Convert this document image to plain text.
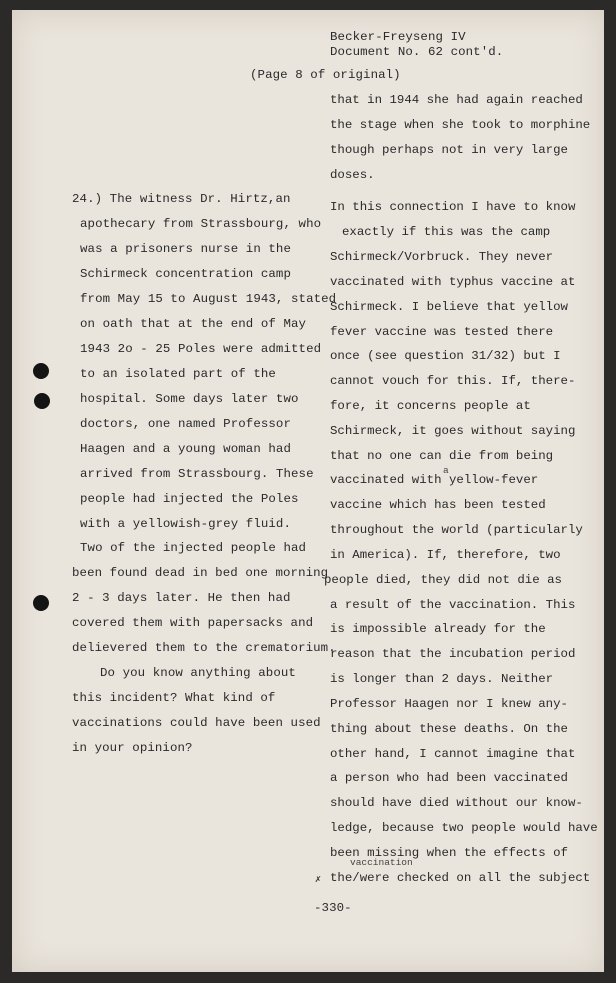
Becker-Freyseng IV
Document No. 62 cont'd.
(Page 8 of original)
24.) The witness Dr. Hirtz,an
apothecary from Strassbourg, who
was a prisoners nurse in the
Schirmeck concentration camp
from May 15 to August 1943, stated
on oath that at the end of May
1943 2o - 25 Poles were admitted
to an isolated part of the
hospital. Some days later two
doctors, one named Professor
Haagen and a young woman had
arrived from Strassbourg. These
people had injected the Poles
with a yellowish-grey fluid.
Two of the injected people had
been found dead in bed one morning
2 - 3 days later. He then had
covered them with papersacks and
delievered them to the crematorium.
Do you know anything about
this incident? What kind of
vaccinations could have been used
in your opinion?
that in 1944 she had again reached
the stage when she took to morphine
though perhaps not in very large
doses.
In this connection I have to know
exactly if this was the camp
Schirmeck/Vorbruck. They never
vaccinated with typhus vaccine at
Schirmeck. I believe that yellow
fever vaccine was tested there
once (see question 31/32) but I
cannot vouch for this. If, there-
fore, it concerns people at
Schirmeck, it goes without saying
that no one can die from being
vaccinated with yellow-fever
vaccine which has been tested
throughout the world (particularly
in America). If, therefore, two
people died, they did not die as
a result of the vaccination. This
is impossible already for the
reason that the incubation period
is longer than 2 days. Neither
Professor Haagen nor I knew any-
thing about these deaths. On the
other hand, I cannot imagine that
a person who had been vaccinated
should have died without our know-
ledge, because two people would have
been missing when the effects of
the/were checked on all the subject
a
vaccination
✗
-330-
